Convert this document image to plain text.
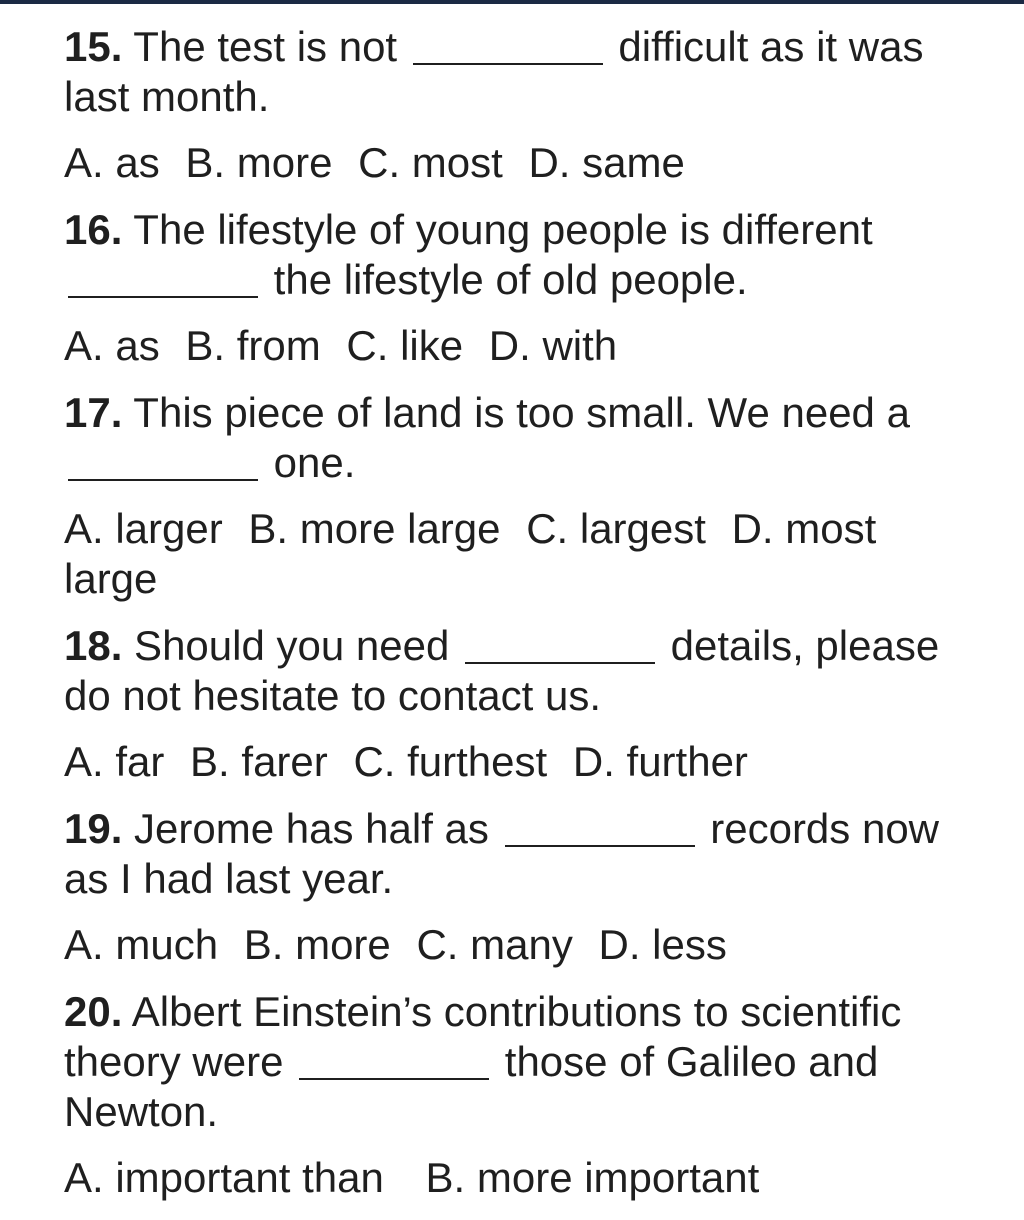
15. The test is not	difficult as it was last month.

A. as B. more C. most D. same

16. The lifestyle of young people is different  the lifestyle of old people.

A. as B. from C. like D. with

17. This piece of land is too small. We need a  one.

A. larger B. more large C. largest D. most large

18. Should you need	details, please do not hesitate to contact us.

A. far B. farer C. furthest D. further

19. Jerome has half as	records now as I had last year.

A. much B. more C. many D. less

20. Albert Einstein’s contributions to scientific theory were	those of Galileo and Newton.

A. important than B. more important
